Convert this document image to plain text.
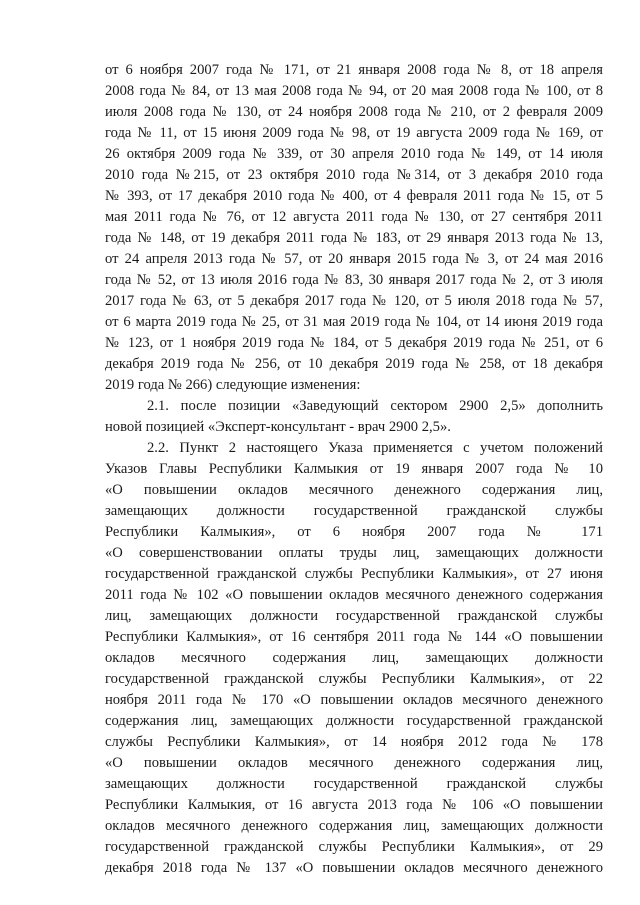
от 6 ноября 2007 года № 171, от 21 января 2008 года № 8, от 18 апреля
2008 года № 84, от 13 мая 2008 года № 94, от 20 мая 2008 года № 100, от 8
июля 2008 года № 130, от 24 ноября 2008 года № 210, от 2 февраля 2009
года № 11, от 15 июня 2009 года № 98, от 19 августа 2009 года № 169, от
26 октября 2009 года № 339, от 30 апреля 2010 года № 149, от 14 июля
2010 года №215, от 23 октября 2010 года №314, от 3 декабря 2010 года
№ 393, от 17 декабря 2010 года № 400, от 4 февраля 2011 года № 15, от 5
мая 2011 года № 76, от 12 августа 2011 года № 130, от 27 сентября 2011
года № 148, от 19 декабря 2011 года № 183, от 29 января 2013 года № 13,
от 24 апреля 2013 года № 57, от 20 января 2015 года № 3, от 24 мая 2016
года № 52, от 13 июля 2016 года № 83, 30 января 2017 года № 2, от 3 июля
2017 года № 63, от 5 декабря 2017 года № 120, от 5 июля 2018 года № 57,
от 6 марта 2019 года № 25, от 31 мая 2019 года № 104, от 14 июня 2019 года
№ 123, от 1 ноября 2019 года № 184, от 5 декабря 2019 года № 251, от 6
декабря 2019 года № 256, от 10 декабря 2019 года № 258, от 18 декабря
2019 года № 266) следующие изменения:
2.1. после позиции «Заведующий сектором 2900 2,5» дополнить
новой позицией «Эксперт-консультант - врач 2900 2,5».
2.2. Пункт 2 настоящего Указа применяется с учетом положений
Указов Главы Республики Калмыкия от 19 января 2007 года № 10
«О повышении окладов месячного денежного содержания лиц,
замещающих должности государственной гражданской службы
Республики Калмыкия», от 6 ноября 2007 года № 171
«О совершенствовании оплаты труды лиц, замещающих должности
государственной гражданской службы Республики Калмыкия», от 27 июня
2011 года № 102 «О повышении окладов месячного денежного содержания
лиц, замещающих должности государственной гражданской службы
Республики Калмыкия», от 16 сентября 2011 года № 144 «О повышении
окладов месячного содержания лиц, замещающих должности
государственной гражданской службы Республики Калмыкия», от 22
ноября 2011 года № 170 «О повышении окладов месячного денежного
содержания лиц, замещающих должности государственной гражданской
службы Республики Калмыкия», от 14 ноября 2012 года № 178
«О повышении окладов месячного денежного содержания лиц,
замещающих должности государственной гражданской службы
Республики Калмыкия, от 16 августа 2013 года № 106 «О повышении
окладов месячного денежного содержания лиц, замещающих должности
государственной гражданской службы Республики Калмыкия», от 29
декабря 2018 года № 137 «О повышении окладов месячного денежного
